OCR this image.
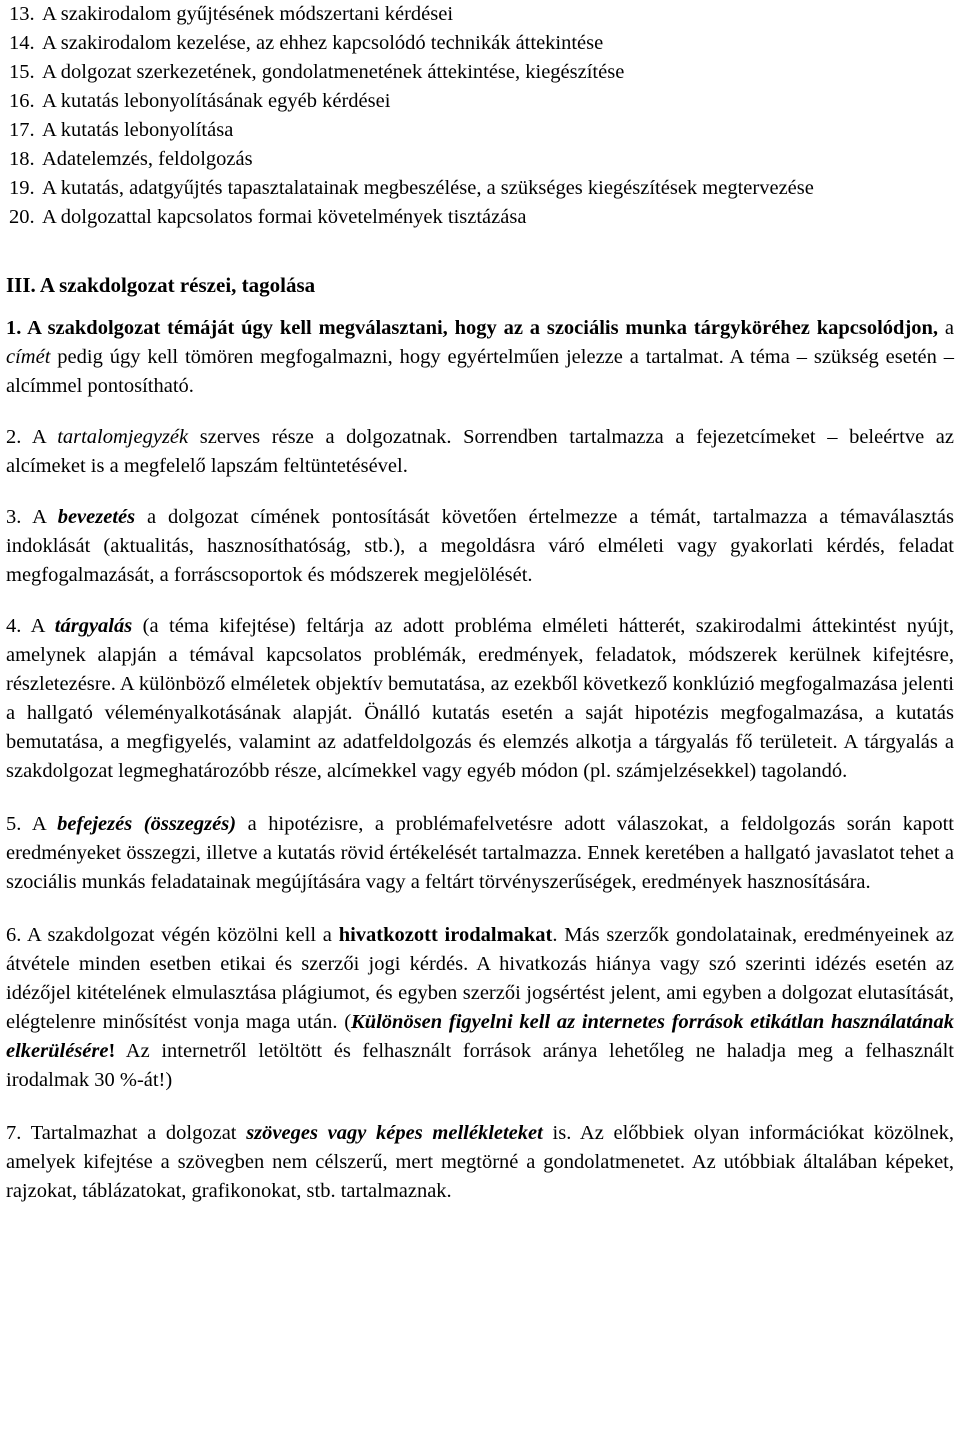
13. A szakirodalom gyűjtésének módszertani kérdései
14. A szakirodalom kezelése, az ehhez kapcsolódó technikák áttekintése
15. A dolgozat szerkezetének, gondolatmenetének áttekintése, kiegészítése
16. A kutatás lebonyolításának egyéb kérdései
17. A kutatás lebonyolítása
18. Adatelemzés, feldolgozás
19. A kutatás, adatgyűjtés tapasztalatainak megbeszélése, a szükséges kiegészítések megtervezése
20. A dolgozattal kapcsolatos formai követelmények tisztázása
III. A szakdolgozat részei, tagolása

1. A szakdolgozat témáját úgy kell megválasztani, hogy az a szociális munka tárgyköréhez kapcsolódjon, a címét pedig úgy kell tömören megfogalmazni, hogy egyértelműen jelezze a tartalmat. A téma – szükség esetén – alcímmel pontosítható.

2. A tartalomjegyzék szerves része a dolgozatnak. Sorrendben tartalmazza a fejezetcímeket – beleértve az alcímeket is a megfelelő lapszám feltüntetésével.

3. A bevezetés a dolgozat címének pontosítását követően értelmezze a témát, tartalmazza a témaválasztás indoklását (aktualitás, hasznosíthatóság, stb.), a megoldásra váró elméleti vagy gyakorlati kérdés, feladat megfogalmazását, a forráscsoportok és módszerek megjelölését.

4. A tárgyalás (a téma kifejtése) feltárja az adott probléma elméleti hátterét, szakirodalmi áttekintést nyújt, amelynek alapján a témával kapcsolatos problémák, eredmények, feladatok, módszerek kerülnek kifejtésre, részletezésre. A különböző elméletek objektív bemutatása, az ezekből következő konklúzió megfogalmazása jelenti a hallgató véleményalkotásának alapját. Önálló kutatás esetén a saját hipotézis megfogalmazása, a kutatás bemutatása, a megfigyelés, valamint az adatfeldolgozás és elemzés alkotja a tárgyalás fő területeit. A tárgyalás a szakdolgozat legmeghatározóbb része, alcímekkel vagy egyéb módon (pl. számjelzésekkel) tagolandó.

5. A befejezés (összegzés) a hipotézisre, a problémafelvetésre adott válaszokat, a feldolgozás során kapott eredményeket összegzi, illetve a kutatás rövid értékelését tartalmazza. Ennek keretében a hallgató javaslatot tehet a szociális munkás feladatainak megújítására vagy a feltárt törvényszerűségek, eredmények hasznosítására.

6. A szakdolgozat végén közölni kell a hivatkozott irodalmakat. Más szerzők gondolatainak, eredményeinek az átvétele minden esetben etikai és szerzői jogi kérdés. A hivatkozás hiánya vagy szó szerinti idézés esetén az idézőjel kitételének elmulasztása plágiumot, és egyben szerzői jogsértést jelent, ami egyben a dolgozat elutasítását, elégtelenre minősítést vonja maga után. (Különösen figyelni kell az internetes források etikátlan használatának elkerülésére! Az internetről letöltött és felhasznált források aránya lehetőleg ne haladja meg a felhasznált irodalmak 30 %-át!)

7. Tartalmazhat a dolgozat szöveges vagy képes mellékleteket is. Az előbbiek olyan információkat közölnek, amelyek kifejtése a szövegben nem célszerű, mert megtörné a gondolatmenetet. Az utóbbiak általában képeket, rajzokat, táblázatokat, grafikonokat, stb. tartalmaznak.
